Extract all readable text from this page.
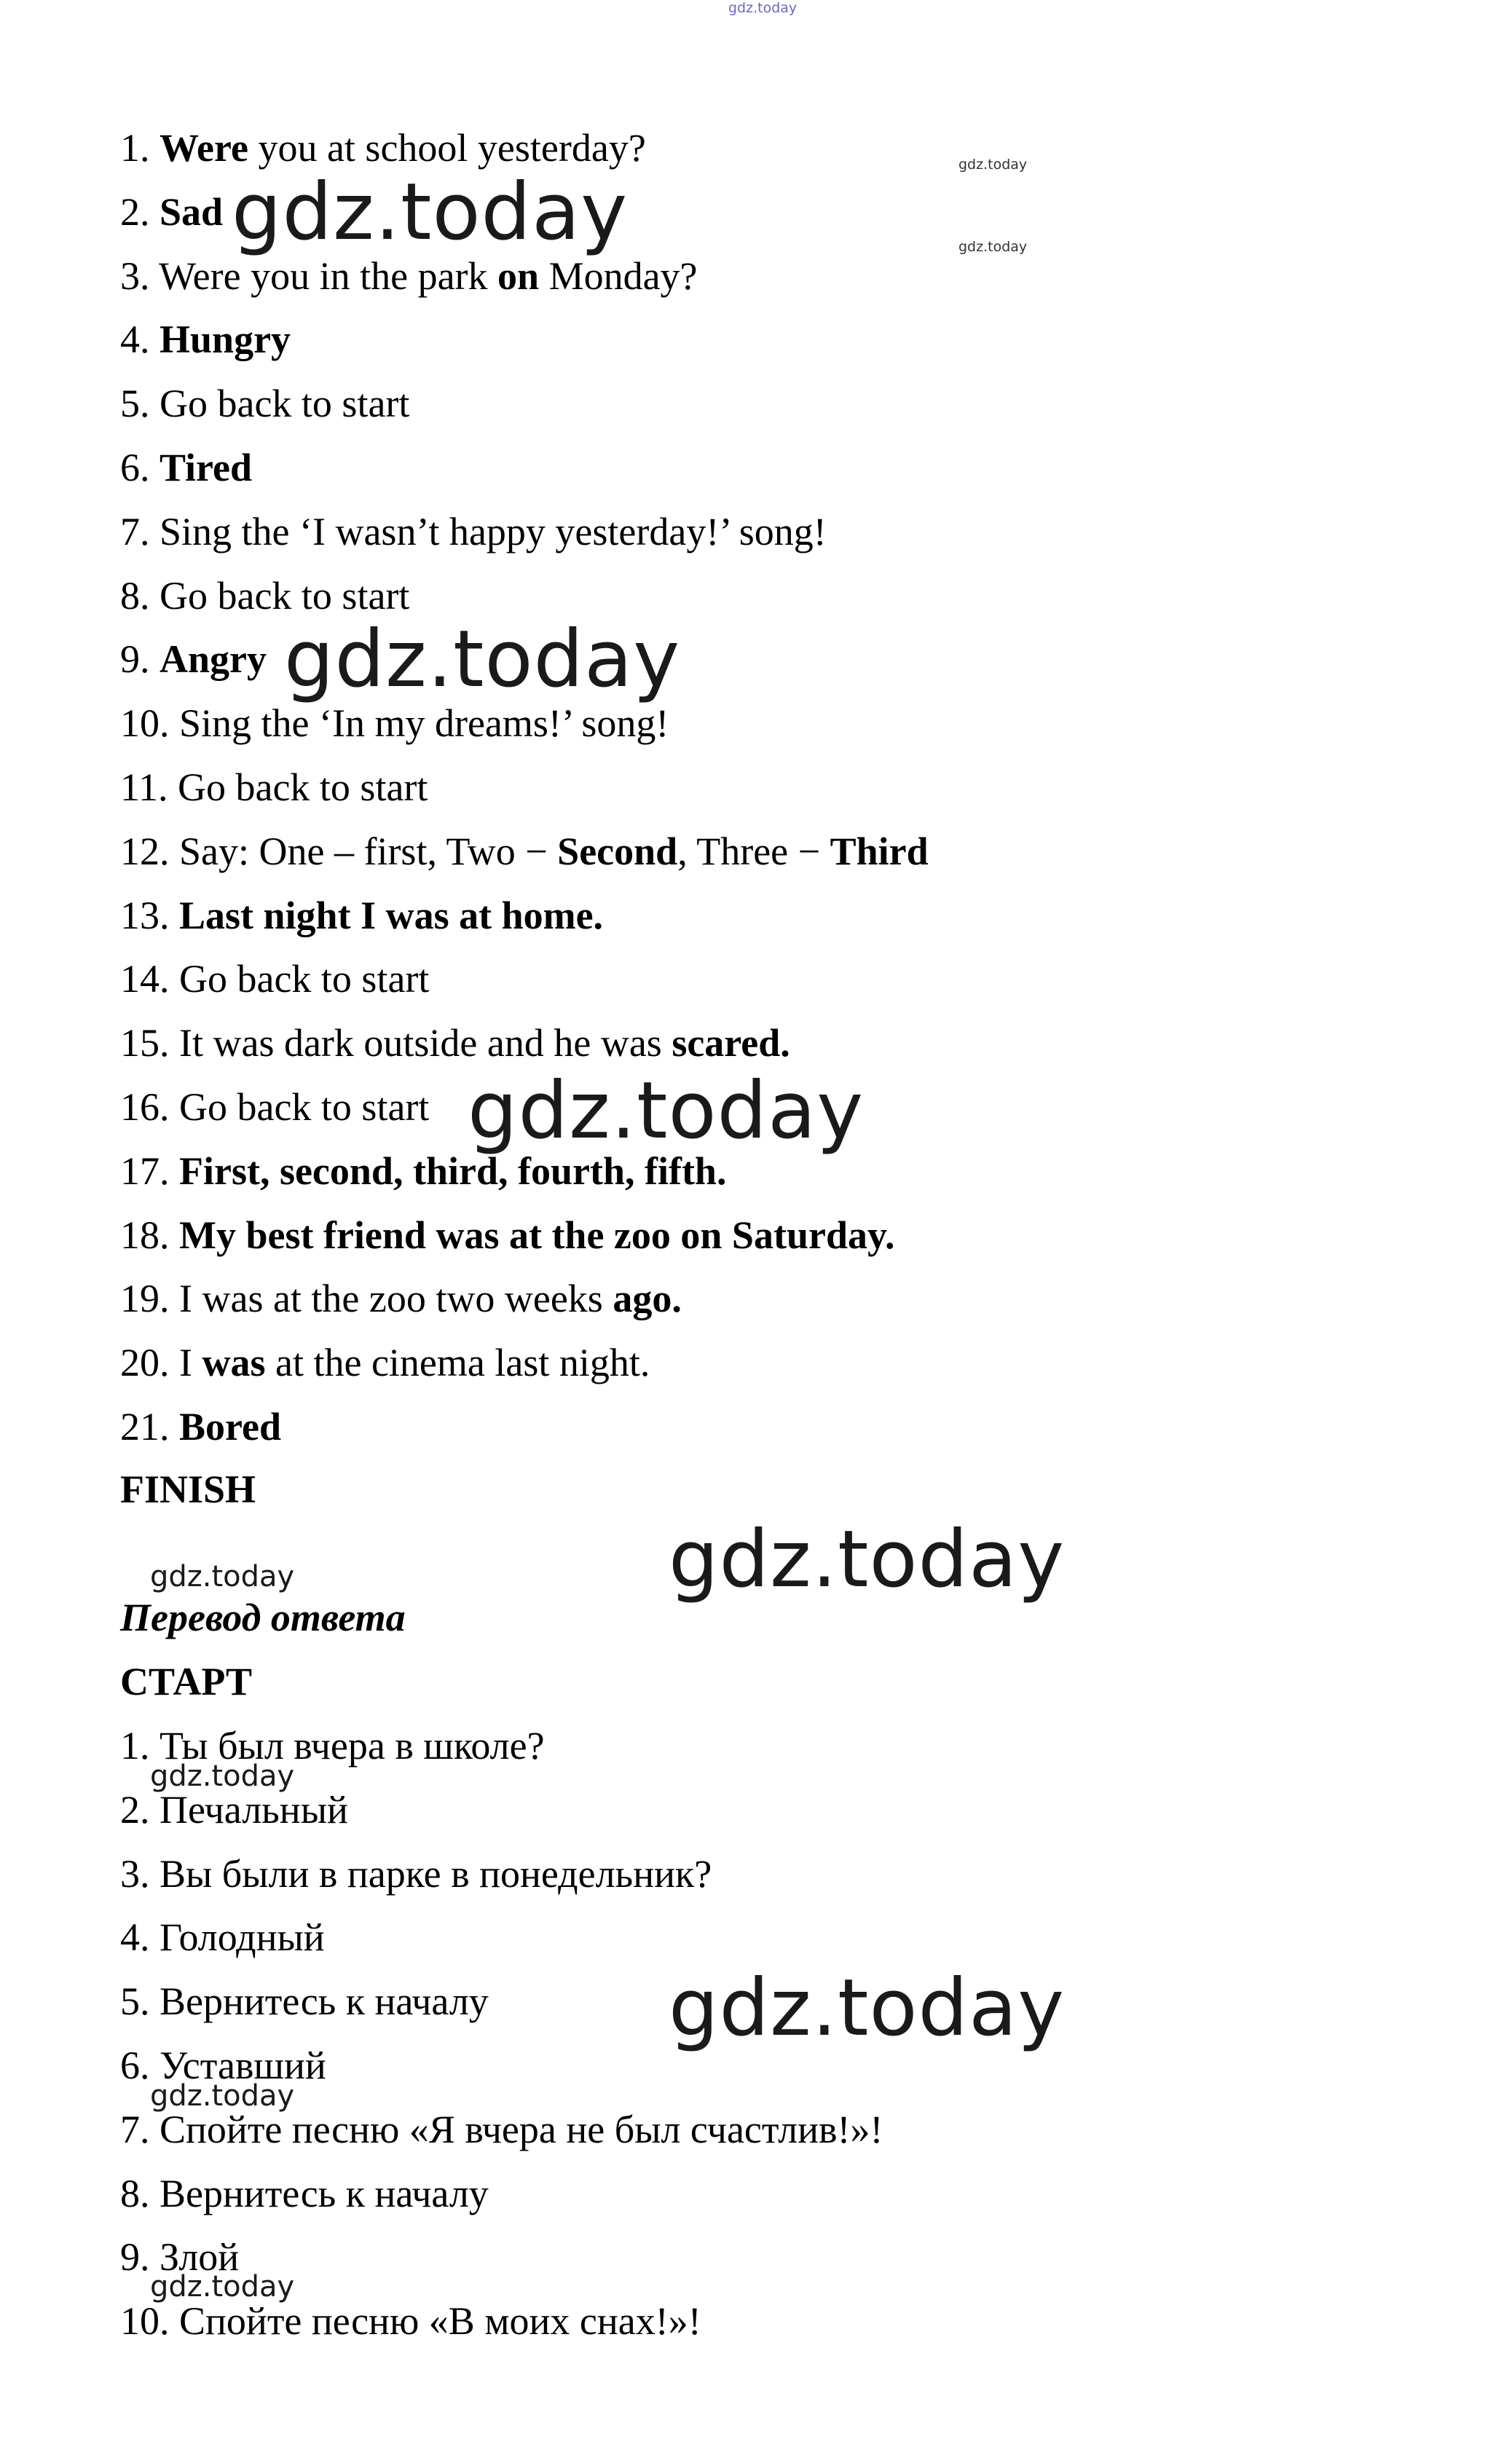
gdz.today
gdz.today
gdz.today
1. Were you at school yesterday?
2. Sad
3. Were you in the park on Monday?
4. Hungry
5. Go back to start
6. Tired
7. Sing the ‘I wasn’t happy yesterday!’ song!
8. Go back to start
9. Angry
10. Sing the ‘In my dreams!’ song!
11. Go back to start
12. Say: One – first, Two − Second, Three − Third
13. Last night I was at home.
14. Go back to start
15. It was dark outside and he was scared.
16. Go back to start
17. First, second, third, fourth, fifth.
18. My best friend was at the zoo on Saturday.
19. I was at the zoo two weeks ago.
20. I was at the cinema last night.
21. Bored
FINISH
gdz.today	gdz.today
Перевод ответа
СТАРТ
1. Ты был вчера в школе?
2. Печальный
3. Вы были в парке в понедельник?
4. Голодный
5. Вернитесь к началу
6. Уставший
7. Спойте песню «Я вчера не был счастлив!»!
8. Вернитесь к началу
9. Злой
10. Спойте песню «В моих снах!»!
gdz.today
gdz.today
gdz.today
gdz.today
gdz.today
gdz.today
gdz.today
